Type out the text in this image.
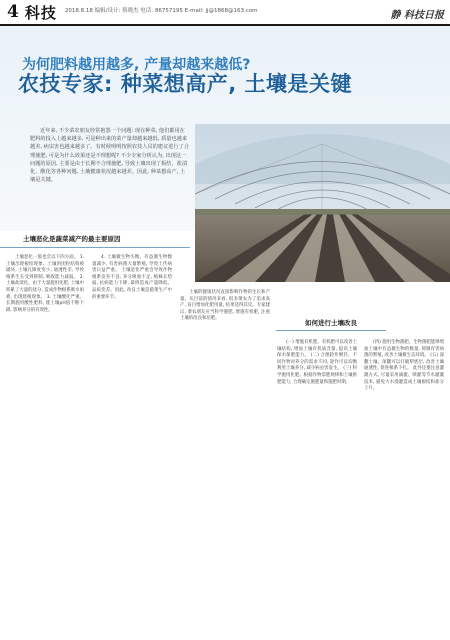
4 科技 2018.8.18 编辑/设计: 蔡晓杰 电话: 86757195 E-mail: jj@1868@163.com	静 科技日报
为何肥料越用越多, 产量却越来越低?
农技专家: 种菜想高产, 土壤是关键
近年来, 不少菜农朋友经常抱怨一个问题: 现在种菜, 他们都用在肥料的投入上越来越多, 可是种出来的菜产量却越来越低, 质量也越来越差, 病虫害也越来越多了。有时候明明按照农技人员的建议进行了合理施肥, 可是为什么效果还是不理想呢? 不少专家分析认为, 出现这一问题的原因, 主要是由于长期不合理施肥, 导致土壤出现了板结、盐渍化、酸化等各种问题, 土壤健康状况越来越差。因此, 种菜想高产, 土壤是关键。
土壤恶化是蔬菜减产的最主要原因
如何进行土壤改良

土壤恶化一般也会以下四方面。 1. 土壤出现板结现象。土壤的团粒结构被破坏, 土壤孔隙度变小, 通透性差, 导致根系生长受到抑制, 吸收能力减弱。 2. 土壤盐渍化。由于大量施用化肥, 土壤中积累了大量的盐分, 造成作物根系吸水困难, 出现烧根现象。 3. 土壤酸化严重。长期施用酸性肥料, 使土壤pH值不断下降, 影响养分的有效性。

4. 土壤微生物失衡。有益微生物数量减少, 有害病菌大量繁殖, 导致土传病害日益严重。 土壤恶化严重会导致作物根系发育不良, 养分吸收不足, 植株长势弱, 抗病能力下降, 最终造成产量降低、品质变差。因此, 改良土壤是蔬菜生产中的重要环节。

土壤的健康状况直接影响作物的生长和产量。从目前的情况来看, 很多菜农为了追求高产, 盲目增加化肥用量, 结果适得其反。专家建议, 菜农朋友应当科学施肥, 增施有机肥, 注重土壤的改良和培肥。

(一) 增施有机肥。有机肥可以改善土壤结构, 增加土壤有机质含量, 提高土壤保水保肥能力。 (二) 合理轮作倒茬。不同作物对养分的需求不同, 轮作可以均衡利用土壤养分, 减少病虫害发生。 (三) 科学施用化肥。根据作物需肥规律和土壤供肥能力, 合理确定施肥量和施肥时期。

(四) 施用生物菌肥。生物菌肥能够增加土壤中有益微生物的数量, 抑制有害病菌的繁殖, 改善土壤微生态环境。 (五) 深翻土壤。深翻可以打破犁底层, 改善土壤通透性, 促进根系下扎。 此外还要注意灌溉方式, 尽量采用滴灌、喷灌等节水灌溉技术, 避免大水漫灌造成土壤板结和盐分上升。
